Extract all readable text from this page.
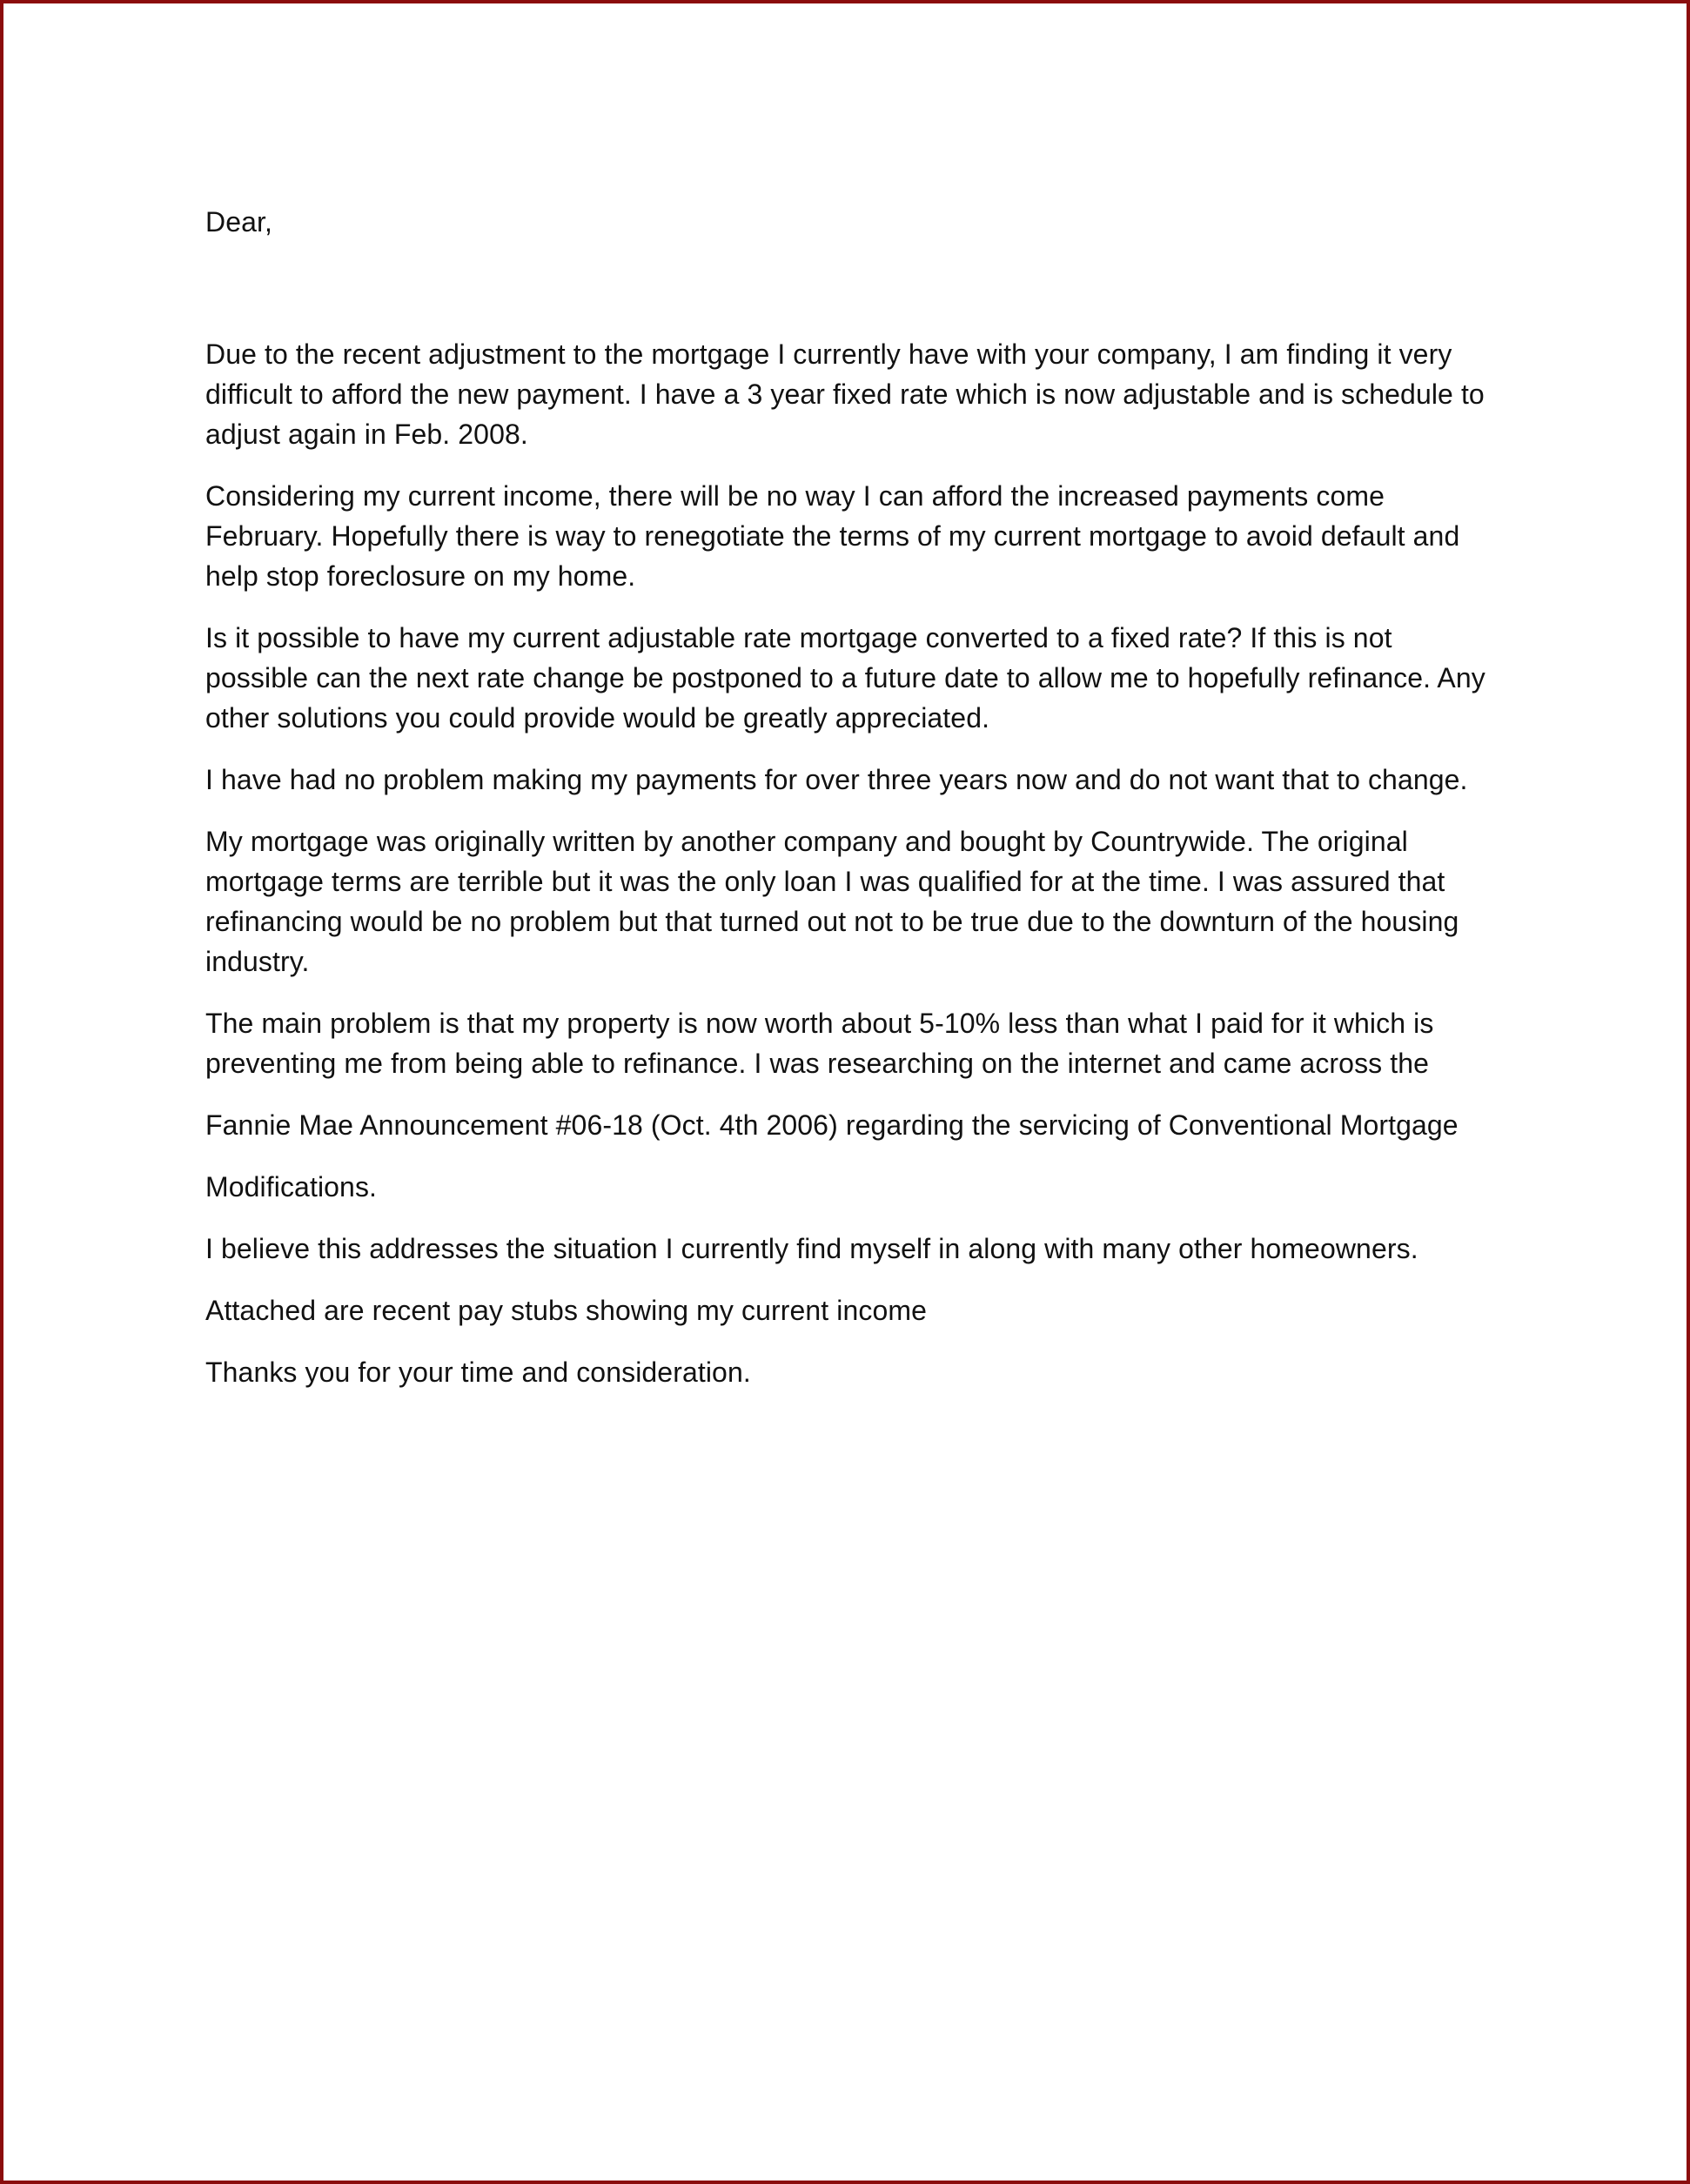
Dear,

Due to the recent adjustment to the mortgage I currently have with your company, I am finding it very difficult to afford the new payment. I have a 3 year fixed rate which is now adjustable and is schedule to adjust again in Feb. 2008.

Considering my current income, there will be no way I can afford the increased payments come February. Hopefully there is way to renegotiate the terms of my current mortgage to avoid default and help stop foreclosure on my home.

Is it possible to have my current adjustable rate mortgage converted to a fixed rate? If this is not possible can the next rate change be postponed to a future date to allow me to hopefully refinance. Any other solutions you could provide would be greatly appreciated.

I have had no problem making my payments for over three years now and do not want that to change.

My mortgage was originally written by another company and bought by Countrywide. The original mortgage terms are terrible but it was the only loan I was qualified for at the time. I was assured that refinancing would be no problem but that turned out not to be true due to the downturn of the housing industry.

The main problem is that my property is now worth about 5-10% less than what I paid for it which is preventing me from being able to refinance. I was researching on the internet and came across the

Fannie Mae Announcement #06-18 (Oct. 4th 2006) regarding the servicing of Conventional Mortgage

Modifications.

I believe this addresses the situation I currently find myself in along with many other homeowners.

Attached are recent pay stubs showing my current income

Thanks you for your time and consideration.
